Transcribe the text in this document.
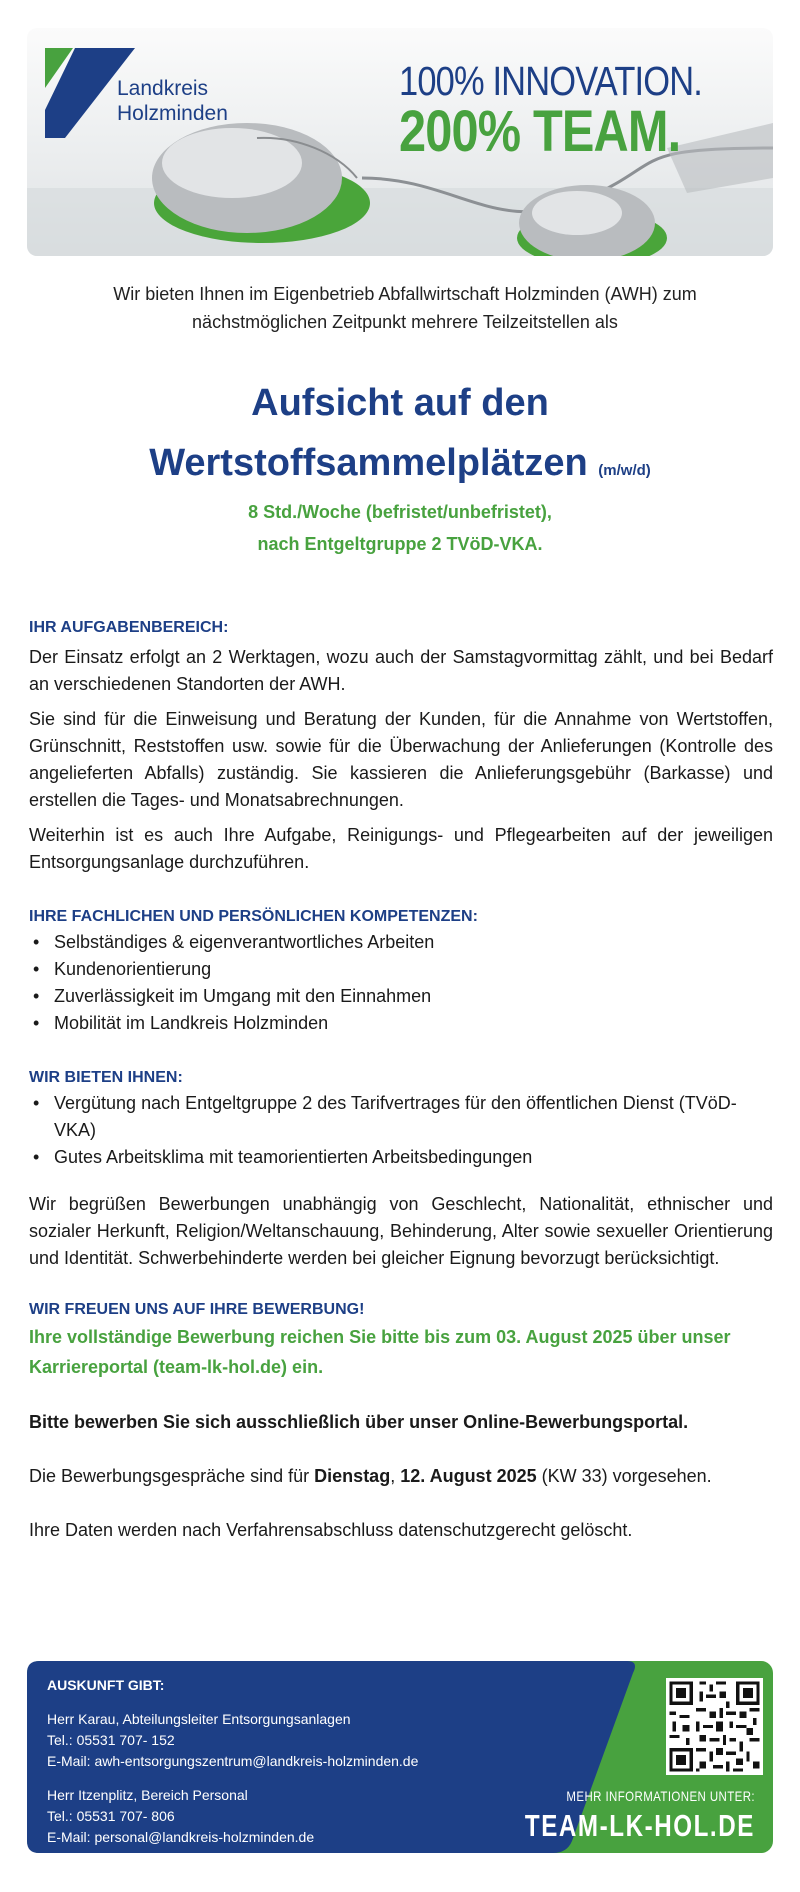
Landkreis
Holzminden
100% INNOVATION.
200% TEAM.
Wir bieten Ihnen im Eigenbetrieb Abfallwirtschaft Holzminden (AWH) zum nächstmöglichen Zeitpunkt mehrere Teilzeitstellen als
Aufsicht auf den
Wertstoffsammelplätzen (m/w/d)
8 Std./Woche (befristet/unbefristet),
nach Entgeltgruppe 2 TVöD-VKA.
IHR AUFGABENBEREICH:
Der Einsatz erfolgt an 2 Werktagen, wozu auch der Samstagvormittag zählt, und bei Bedarf an verschiedenen Standorten der AWH.
Sie sind für die Einweisung und Beratung der Kunden, für die Annahme von Wertstoffen, Grünschnitt, Reststoffen usw. sowie für die Überwachung der Anlieferungen (Kontrolle des angelieferten Abfalls) zuständig. Sie kassieren die Anlieferungsgebühr (Barkasse) und erstellen die Tages- und Monatsabrechnungen.
Weiterhin ist es auch Ihre Aufgabe, Reinigungs- und Pflegearbeiten auf der jeweiligen Entsorgungsanlage durchzuführen.
IHRE FACHLICHEN UND PERSÖNLICHEN KOMPETENZEN:
• Selbständiges & eigenverantwortliches Arbeiten
• Kundenorientierung
• Zuverlässigkeit im Umgang mit den Einnahmen
• Mobilität im Landkreis Holzminden
WIR BIETEN IHNEN:
• Vergütung nach Entgeltgruppe 2 des Tarifvertrages für den öffentlichen Dienst (TVöD-VKA)
• Gutes Arbeitsklima mit teamorientierten Arbeitsbedingungen
Wir begrüßen Bewerbungen unabhängig von Geschlecht, Nationalität, ethnischer und sozialer Herkunft, Religion/Weltanschauung, Behinderung, Alter sowie sexueller Orientierung und Identität. Schwerbehinderte werden bei gleicher Eignung bevorzugt berücksichtigt.
WIR FREUEN UNS AUF IHRE BEWERBUNG!
Ihre vollständige Bewerbung reichen Sie bitte bis zum 03. August 2025 über unser Karriereportal (team-lk-hol.de) ein.
Bitte bewerben Sie sich ausschließlich über unser Online-Bewerbungsportal.
Die Bewerbungsgespräche sind für Dienstag, 12. August 2025 (KW 33) vorgesehen.
Ihre Daten werden nach Verfahrensabschluss datenschutzgerecht gelöscht.
AUSKUNFT GIBT:
Herr Karau, Abteilungsleiter Entsorgungsanlagen
Tel.: 05531 707- 152
E-Mail: awh-entsorgungszentrum@landkreis-holzminden.de
Herr Itzenplitz, Bereich Personal
Tel.: 05531 707- 806
E-Mail: personal@landkreis-holzminden.de
MEHR INFORMATIONEN UNTER:
TEAM-LK-HOL.DE
